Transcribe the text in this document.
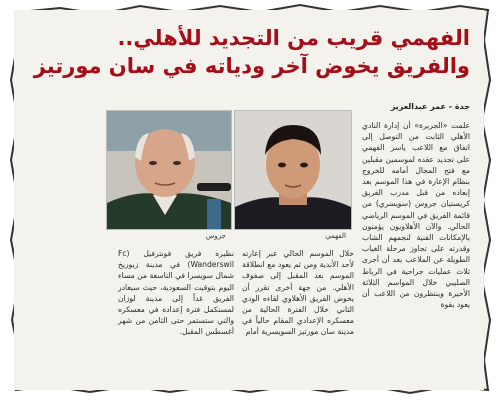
الفهمي قريب من التجديد للأهلي..
والفريق يخوض آخر ودياته في سان مورتيز
جدة - عمر عبدالعزيز
علمت «الجزيرة» أن إدارة النادي الأهلي الثابت من التوصل إلى اتفاق مع اللاعب ياسر الفهمي على تجديد عقده لموسمين مقبلين مع فتح المجال أمامه للخروج بنظام الإعارة في هذا الموسم بعد إبعاده من قبل مدرب الفريق كريستيان جروس (سويسري) من قائمة الفريق في الموسم الرياضي الحالي. والآن الأهلاويون يؤمنون بالإمكانات الفنية لنجمهم الشاب وقدرته على تجاوز مرحلة الغياب الطويلة عن الملاعب بعد أن أجرى ثلاث عمليات جراحية في الرباط الصليبي خلال المواسم الثلاثة الأخيرة وينتظرون من اللاعب أن يعود بقوة
الفهمي
جروس
خلال الموسم الحالي عبر إعارته لأحد الأندية ومن ثم يعود مع انطلاقة الموسم بعد المقبل إلى صفوف الأهلي. من جهة أخرى تقرر أن يخوض الفريق الأهلاوي لقاءه الودي الثاني خلال الفترة الحالية من معسكره الإعدادي المقام حالياً في مدينة سان مورتيز السويسرية أمام
نظيره فريق فونترفيل (Fc Wanderswil) في مدينة زيوريخ شمال سويسرا في التاسعة من مساء اليوم بتوقيت السعودية، حيث سيغادر الفريق غداً إلى مدينة لوزان لمستكمل فترة إعداده في معسكره والتي ستستمر حتى الثامن من شهر أغسطس المقبل.
